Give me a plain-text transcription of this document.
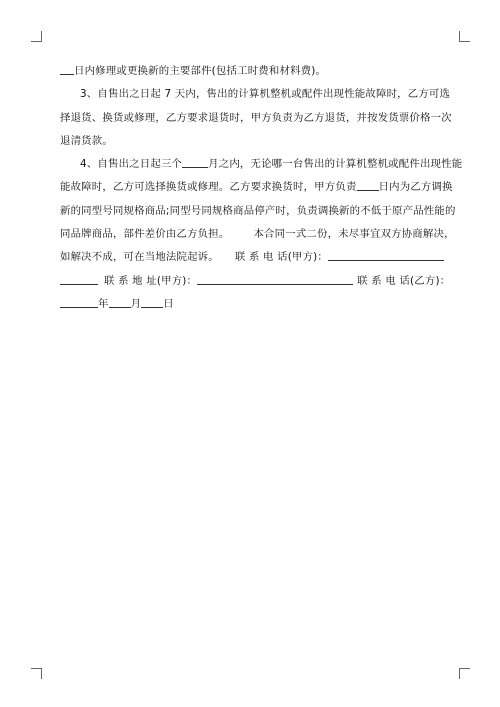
日内修理或更换新的主要部件(包括工时费和材料费)。
3、自售出之日起 7 天内，售出的计算机整机或配件出现性能故障时，乙方可选
择退货、换货或修理，乙方要求退货时，甲方负责为乙方退货，并按发货票价格一次
退清货款。
4、自售出之日起三个	月之内，无论哪一台售出的计算机整机或配件出现性能
能故障时，乙方可选择换货或修理。乙方要求换货时，甲方负责 日内为乙方调换
新的同型号同规格商品;同型号同规格商品停产时，负责调换新的不低于原产品性能的
同品牌商品，部件差价由乙方负担。 本合同一式二份，未尽事宜双方协商解决，
如解决不成，可在当地法院起诉。 联 系 电 话(甲方)：
联 系 地 址(甲方)：	联 系 电 话(乙方)：
年 月 日
